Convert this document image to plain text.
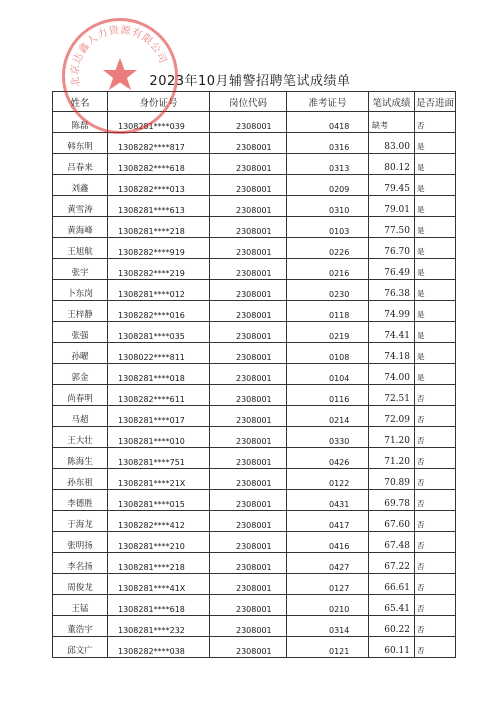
2023年10月辅警招聘笔试成绩单
北京达鑫人力资源有限公司
姓名	身份证号	岗位代码	准考证号	笔试成绩	是否进面
陈磊	1308281****039	2308001	0418	缺考	否
韩东明	1308282****817	2308001	0316	83.00	是
吕春来	1308282****618	2308001	0313	80.12	是
刘鑫	1308282****013	2308001	0209	79.45	是
黄雪涛	1308281****613	2308001	0310	79.01	是
黄海峰	1308281****218	2308001	0103	77.50	是
王旭航	1308282****919	2308001	0226	76.70	是
张宇	1308282****219	2308001	0216	76.49	是
卜东岗	1308281****012	2308001	0230	76.38	是
王梓静	1308282****016	2308001	0118	74.99	是
张强	1308281****035	2308001	0219	74.41	是
孙曜	1308022****811	2308001	0108	74.18	是
郭金	1308281****018	2308001	0104	74.00	是
尚春明	1308282****611	2308001	0116	72.51	否
马超	1308281****017	2308001	0214	72.09	否
王大壮	1308281****010	2308001	0330	71.20	否
陈海生	1308281****751	2308001	0426	71.20	否
孙东祖	1308281****21X	2308001	0122	70.89	否
李德胜	1308281****015	2308001	0431	69.78	否
于海龙	1308282****412	2308001	0417	67.60	否
张明扬	1308281****210	2308001	0416	67.48	否
李名扬	1308281****218	2308001	0427	67.22	否
周俊龙	1308281****41X	2308001	0127	66.61	否
王锰	1308281****618	2308001	0210	65.41	否
董浩宇	1308281****232	2308001	0314	60.22	否
邱文广	1308282****038	2308001	0121	60.11	否
